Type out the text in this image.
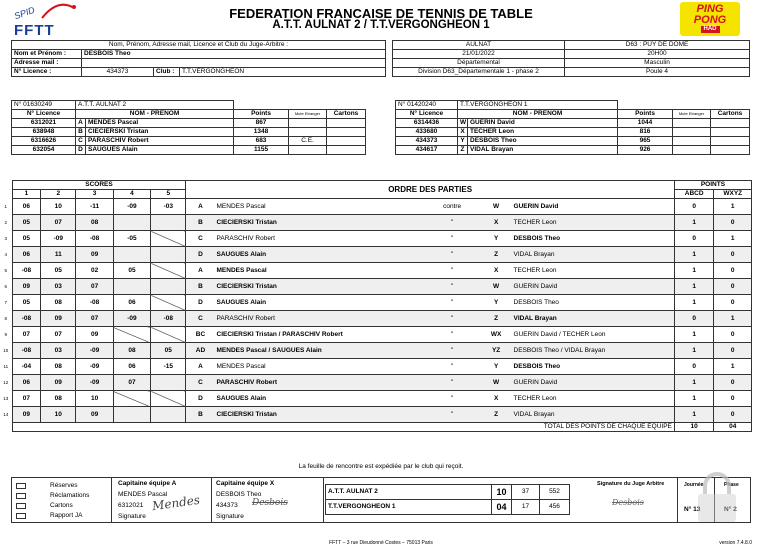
SPID
FFTT
FEDERATION FRANCAISE DE TENNIS DE TABLE
A.T.T. AULNAT 2 / T.T.VERGONGHEON 1
PING
PONG
HAD
Nom, Prénom, Adresse mail, Licence et Club du Juge-Arbitre :			
Nom et Prénom :	DESBOIS Theo		
Adresse mail :			
N° Licence :	434373	Club :	T.T.VERGONGHEON
AULNAT	D63 : PUY DE DOME
21/01/2022	20H00
Départemental	Masculin
Division D63_Départementale 1 - phase 2	Poule 4
N° 01630249	A.T.T. AULNAT 2				
N° Licence	NOM - PRENOM		Points	Mute Etranger	Cartons
6312021	A	MENDES Pascal	867		
638948	B	CIECIERSKI Tristan	1348		
6316626	C	PARASCHIV Robert	683	C.E.	
632054	D	SAUGUES Alain	1155		
N° 01420240	T.T.VERGONGHEON 1				
N° Licence	NOM - PRENOM		Points	Mute Etranger	Cartons
6314436	W	GUERIN David	1044		
433680	X	TECHER Leon	816		
434373	Y	DESBOIS Theo	965		
434617	Z	VIDAL Brayan	926		
	SCORES					ORDRE DES PARTIES					POINTS	
	1	2	3	4	5						ABCD	WXYZ
1	06	10	-11	-09	-03	A	MENDES Pascal	contre	W	GUERIN David	0	1
2	05	07	08			B	CIECIERSKI Tristan	"	X	TECHER Leon	1	0
3	05	-09	-08	-05		C	PARASCHIV Robert	"	Y	DESBOIS Theo	0	1
4	06	11	09			D	SAUGUES Alain	"	Z	VIDAL Brayan	1	0
5	-08	05	02	05		A	MENDES Pascal	"	X	TECHER Leon	1	0
6	09	03	07			B	CIECIERSKI Tristan	"	W	GUERIN David	1	0
7	05	08	-08	06		D	SAUGUES Alain	"	Y	DESBOIS Theo	1	0
8	-08	09	07	-09	-08	C	PARASCHIV Robert	"	Z	VIDAL Brayan	0	1
9	07	07	09			BC	CIECIERSKI Tristan / PARASCHIV Robert	"	WX	GUERIN David / TECHER Leon	1	0
10	-08	03	-09	08	05	AD	MENDES Pascal / SAUGUES Alain	"	YZ	DESBOIS Theo / VIDAL Brayan	1	0
11	-04	08	-09	06	-15	A	MENDES Pascal	"	Y	DESBOIS Theo	0	1
12	06	09	-09	07		C	PARASCHIV Robert	"	W	GUERIN David	1	0
13	07	08	10			D	SAUGUES Alain	"	X	TECHER Leon	1	0
14	09	10	09			B	CIECIERSKI Tristan	"	Z	VIDAL Brayan	1	0
	TOTAL DES POINTS DE CHAQUE EQUIPE										10	04
La feuille de rencontre est expédiée par le club qui reçoit.
Réserves
Réclamations
Cartons
Rapport JA
Capitaine équipe A
MENDES Pascal
6312021
Signature
Mendes
Capitaine équipe X
DESBOIS Theo
434373
Signature
Desbois
A.T.T. AULNAT 2	10	37	552
T.T.VERGONGHEON 1	04	17	456
Signature du Juge Arbitre
Desbois
Journée	Phase
N° 13	N° 2
FFTT – 3 rue Dieudonné Costes – 75013 Paris	version 7.4.8.0
